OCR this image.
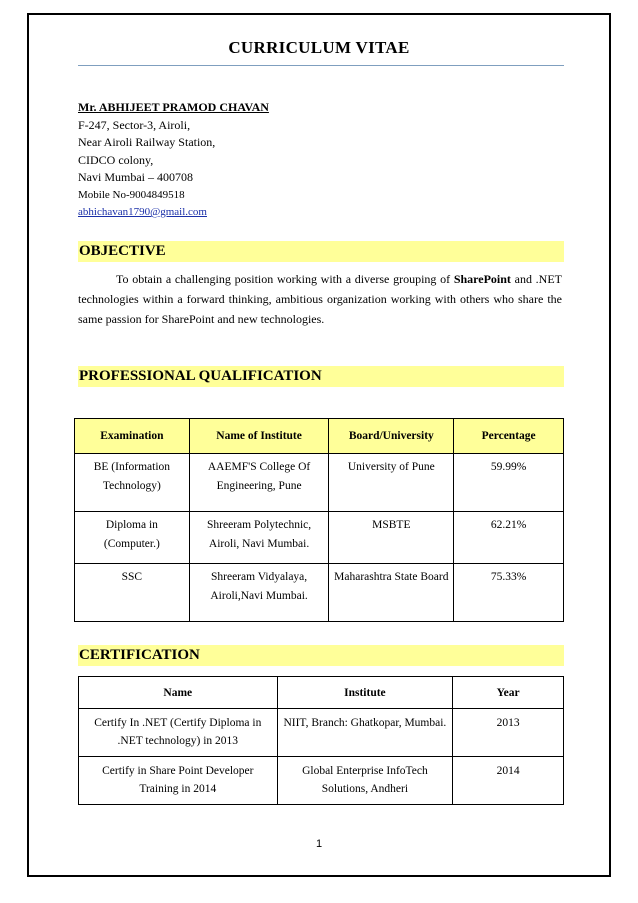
CURRICULUM VITAE
Mr. ABHIJEET PRAMOD CHAVAN
F-247, Sector-3, Airoli,
Near Airoli Railway Station,
CIDCO colony,
Navi Mumbai – 400708
Mobile No-9004849518
abhichavan1790@gmail.com
OBJECTIVE

To obtain a challenging position working with a diverse grouping of SharePoint and .NET technologies within a forward thinking, ambitious organization working with others who share the same passion for SharePoint and new technologies.

PROFESSIONAL QUALIFICATION
Examination	Name of Institute	Board/University	Percentage
BE (Information Technology)	AAEMF'S College Of Engineering, Pune	University of Pune	59.99%
Diploma in (Computer.)	Shreeram Polytechnic, Airoli, Navi Mumbai.	MSBTE	62.21%
SSC	Shreeram Vidyalaya, Airoli,Navi Mumbai.	Maharashtra State Board	75.33%
CERTIFICATION
Name	Institute	Year
Certify In .NET (Certify Diploma in .NET technology) in 2013	NIIT, Branch: Ghatkopar, Mumbai.	2013
Certify in Share Point Developer Training in 2014	Global Enterprise InfoTech Solutions, Andheri	2014
1
